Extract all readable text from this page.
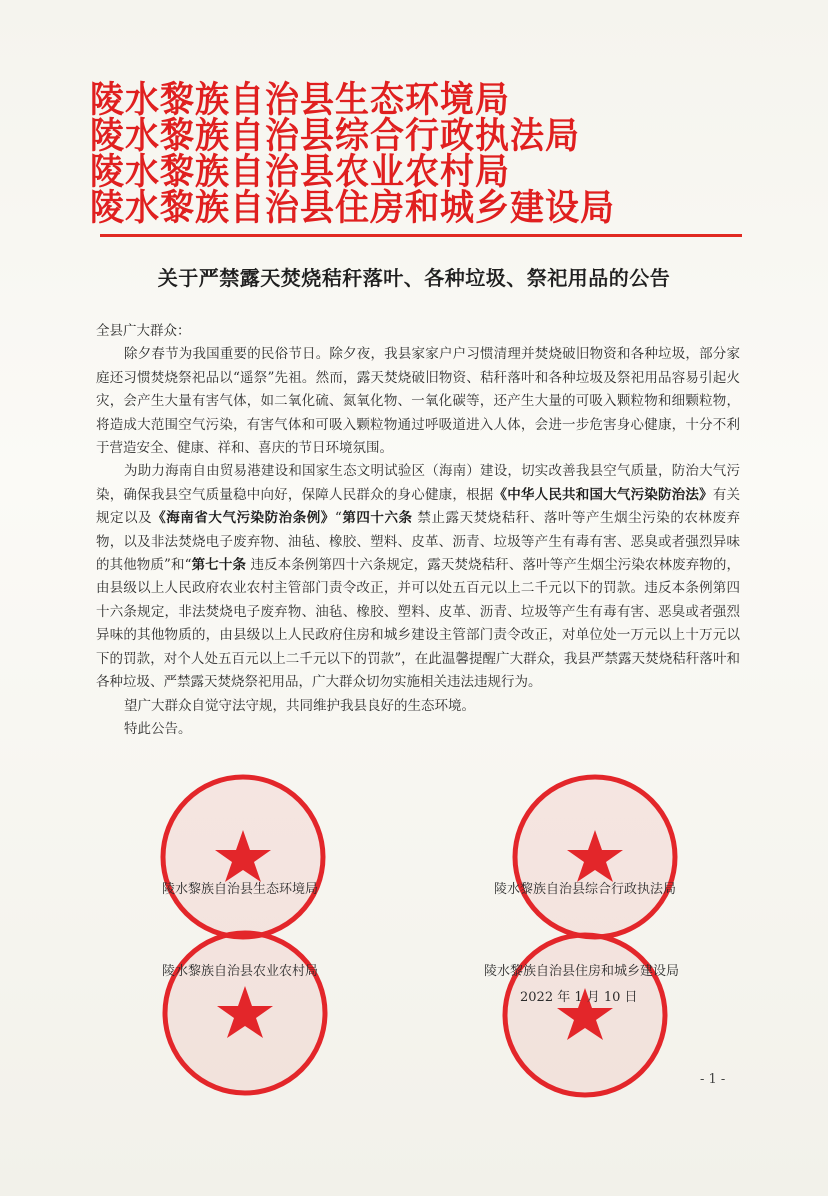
陵水黎族自治县生态环境局
陵水黎族自治县综合行政执法局
陵水黎族自治县农业农村局
陵水黎族自治县住房和城乡建设局
关于严禁露天焚烧秸秆落叶、各种垃圾、祭祀用品的公告

全县广大群众：

除夕春节为我国重要的民俗节日。除夕夜，我县家家户户习惯清理并焚烧破旧物资和各种垃圾，部分家庭还习惯焚烧祭祀品以“遥祭”先祖。然而，露天焚烧破旧物资、秸秆落叶和各种垃圾及祭祀用品容易引起火灾，会产生大量有害气体，如二氧化硫、氮氧化物、一氧化碳等，还产生大量的可吸入颗粒物和细颗粒物，将造成大范围空气污染，有害气体和可吸入颗粒物通过呼吸道进入人体，会进一步危害身心健康，十分不利于营造安全、健康、祥和、喜庆的节日环境氛围。

为助力海南自由贸易港建设和国家生态文明试验区（海南）建设，切实改善我县空气质量，防治大气污染，确保我县空气质量稳中向好，保障人民群众的身心健康，根据《中华人民共和国大气污染防治法》有关规定以及《海南省大气污染防治条例》“第四十六条 禁止露天焚烧秸秆、落叶等产生烟尘污染的农林废弃物，以及非法焚烧电子废弃物、油毡、橡胶、塑料、皮革、沥青、垃圾等产生有毒有害、恶臭或者强烈异味的其他物质”和“第七十条 违反本条例第四十六条规定，露天焚烧秸秆、落叶等产生烟尘污染农林废弃物的，由县级以上人民政府农业农村主管部门责令改正，并可以处五百元以上二千元以下的罚款。违反本条例第四十六条规定，非法焚烧电子废弃物、油毡、橡胶、塑料、皮革、沥青、垃圾等产生有毒有害、恶臭或者强烈异味的其他物质的，由县级以上人民政府住房和城乡建设主管部门责令改正，对单位处一万元以上十万元以下的罚款，对个人处五百元以上二千元以下的罚款”，在此温馨提醒广大群众，我县严禁露天焚烧秸秆落叶和各种垃圾、严禁露天焚烧祭祀用品，广大群众切勿实施相关违法违规行为。

望广大群众自觉守法守规，共同维护我县良好的生态环境。

特此公告。

陵水黎族自治县生态环境局	陵水黎族自治县综合行政执法局
陵水黎族自治县农业农村局	陵水黎族自治县住房和城乡建设局
2022 年 1 月 10 日
- 1 -
